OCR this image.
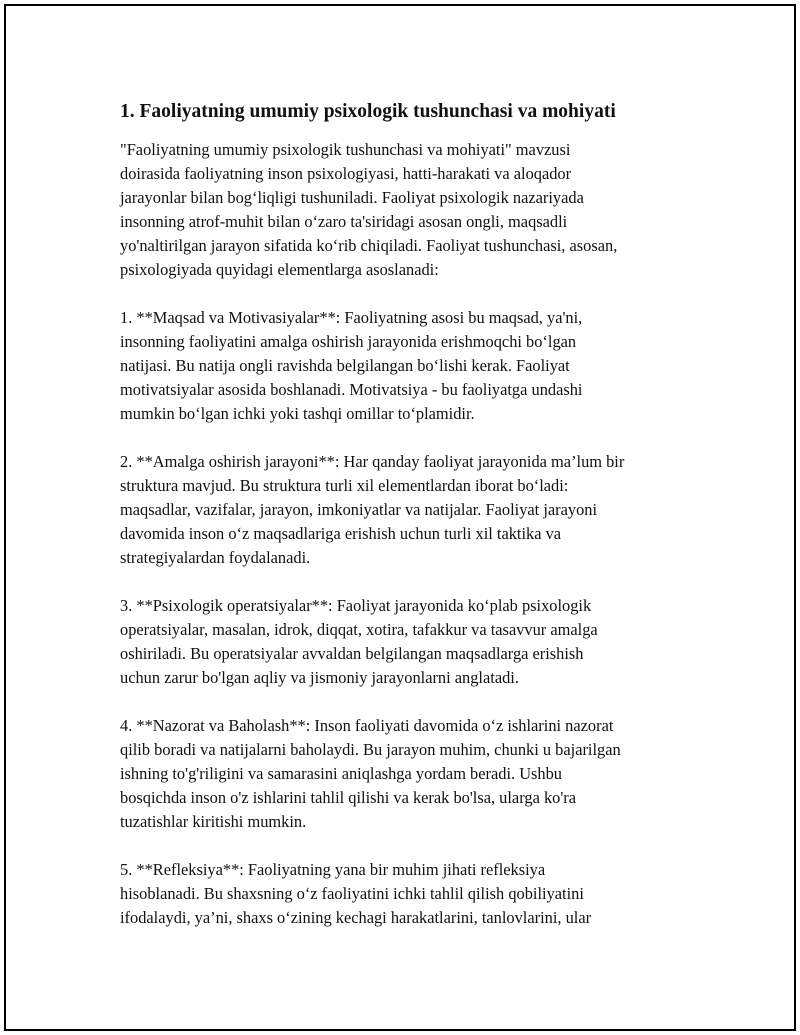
1. Faoliyatning umumiy psixologik tushunchasi va mohiyati

"Faoliyatning umumiy psixologik tushunchasi va mohiyati" mavzusi
doirasida faoliyatning inson psixologiyasi, hatti-harakati va aloqador
jarayonlar bilan bog‘liqligi tushuniladi. Faoliyat psixologik nazariyada
insonning atrof-muhit bilan o‘zaro ta'siridagi asosan ongli, maqsadli
yo'naltirilgan jarayon sifatida ko‘rib chiqiladi. Faoliyat tushunchasi, asosan,
psixologiyada quyidagi elementlarga asoslanadi:

1. **Maqsad va Motivasiyalar**: Faoliyatning asosi bu maqsad, ya'ni,
insonning faoliyatini amalga oshirish jarayonida erishmoqchi bo‘lgan
natijasi. Bu natija ongli ravishda belgilangan bo‘lishi kerak. Faoliyat
motivatsiyalar asosida boshlanadi. Motivatsiya - bu faoliyatga undashi
mumkin bo‘lgan ichki yoki tashqi omillar to‘plamidir.

2. **Amalga oshirish jarayoni**: Har qanday faoliyat jarayonida ma’lum bir
struktura mavjud. Bu struktura turli xil elementlardan iborat bo‘ladi:
maqsadlar, vazifalar, jarayon, imkoniyatlar va natijalar. Faoliyat jarayoni
davomida inson o‘z maqsadlariga erishish uchun turli xil taktika va
strategiyalardan foydalanadi.

3. **Psixologik operatsiyalar**: Faoliyat jarayonida ko‘plab psixologik
operatsiyalar, masalan, idrok, diqqat, xotira, tafakkur va tasavvur amalga
oshiriladi. Bu operatsiyalar avvaldan belgilangan maqsadlarga erishish
uchun zarur bo'lgan aqliy va jismoniy jarayonlarni anglatadi.

4. **Nazorat va Baholash**: Inson faoliyati davomida o‘z ishlarini nazorat
qilib boradi va natijalarni baholaydi. Bu jarayon muhim, chunki u bajarilgan
ishning to'g'riligini va samarasini aniqlashga yordam beradi. Ushbu
bosqichda inson o'z ishlarini tahlil qilishi va kerak bo'lsa, ularga ko'ra
tuzatishlar kiritishi mumkin.

5. **Refleksiya**: Faoliyatning yana bir muhim jihati refleksiya
hisoblanadi. Bu shaxsning o‘z faoliyatini ichki tahlil qilish qobiliyatini
ifodalaydi, ya’ni, shaxs o‘zining kechagi harakatlarini, tanlovlarini, ular
